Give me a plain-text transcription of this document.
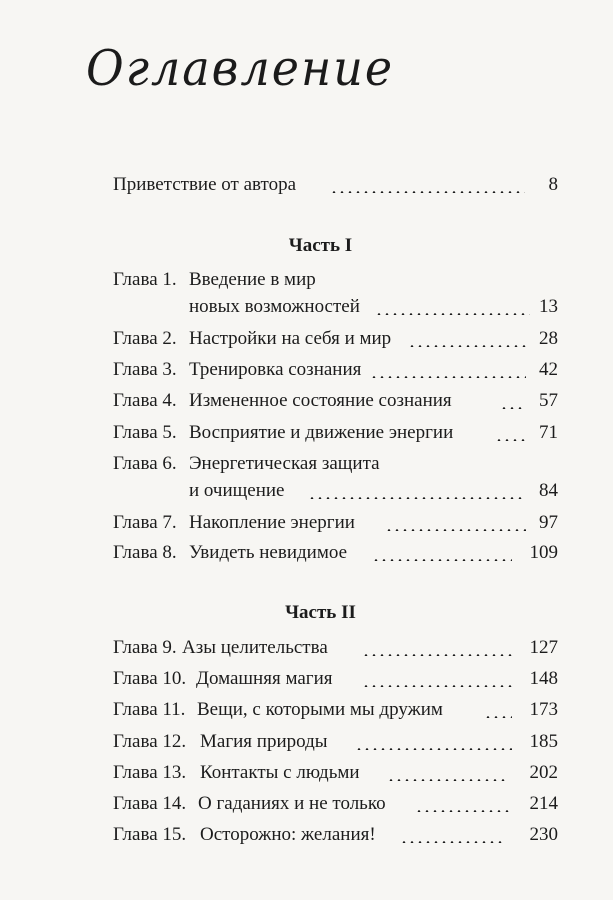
Оглавление
Приветствие от автора	8
Часть I
Глава 1. Введение в мир
новых возможностей	13
Глава 2. Настройки на себя и мир	28
Глава 3. Тренировка сознания	42
Глава 4. Измененное состояние сознания	57
Глава 5. Восприятие и движение энергии	71
Глава 6. Энергетическая защита
и очищение	84
Глава 7. Накопление энергии	97
Глава 8. Увидеть невидимое	109
Часть II
Глава 9. Азы целительства	127
Глава 10. Домашняя магия	148
Глава 11. Вещи, с которыми мы дружим	173
Глава 12. Магия природы	185
Глава 13. Контакты с людьми	202
Глава 14. О гаданиях и не только	214
Глава 15. Осторожно: желания!	230
